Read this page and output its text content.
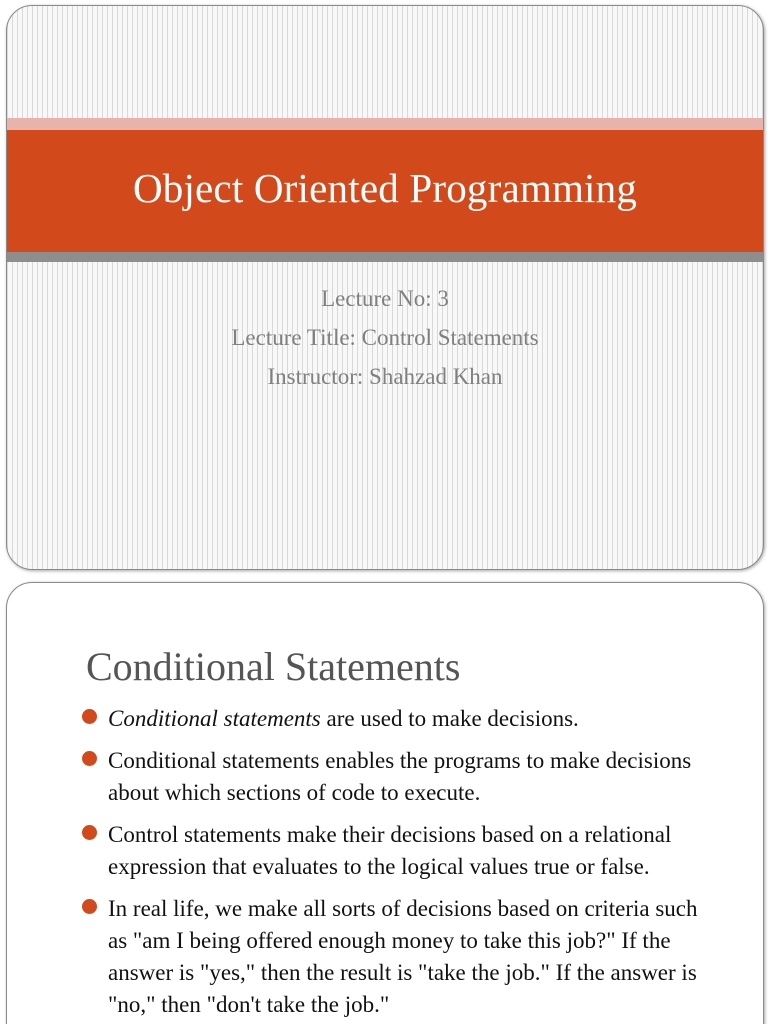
Object Oriented Programming
Lecture No: 3
Lecture Title: Control Statements
Instructor: Shahzad Khan
Conditional Statements
Conditional statements are used to make decisions.
Conditional statements enables the programs to make decisions about which sections of code to execute.
Control statements make their decisions based on a relational expression that evaluates to the logical values true or false.
In real life, we make all sorts of decisions based on criteria such as "am I being offered enough money to take this job?" If the answer is "yes," then the result is "take the job." If the answer is "no," then "don't take the job."
